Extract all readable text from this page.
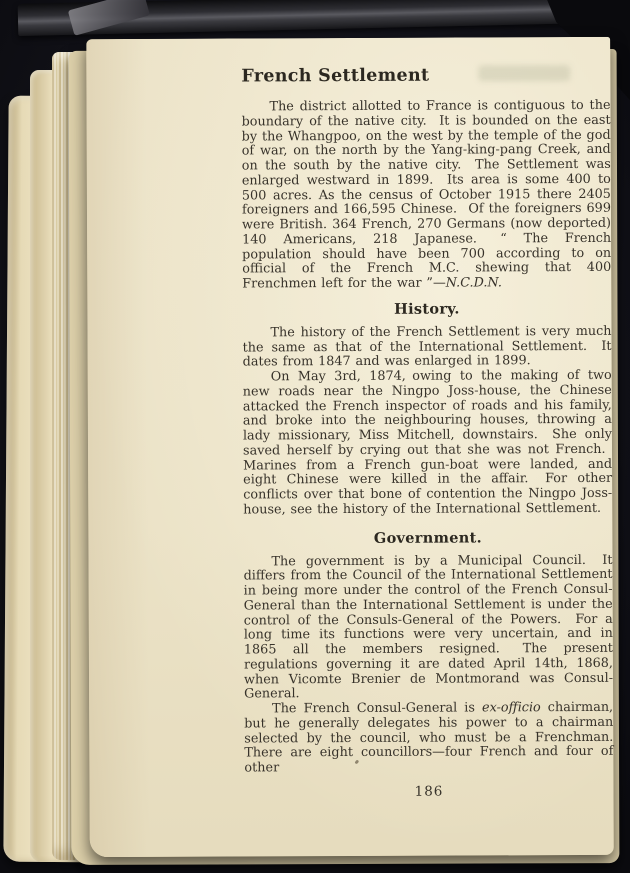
French Settlement

The district allotted to France is contiguous to the boundary of the native city.  It is bounded on the east by the Whangpoo, on the west by the temple of the god of war, on the north by the Yang-king-pang Creek, and on the south by the native city.  The Settlement was enlarged westward in 1899.  Its area is some 400 to 500 acres. As the census of October 1915 there 2405 foreigners and 166,595 Chinese.  Of the foreigners 699 were British. 364 French, 270 Germans (now deported) 140 Americans, 218 Japanese.  “ The French population should have been 700 according to on official of the French M.C. shewing that 400 Frenchmen left for the war ”—N.C.D.N.

History.

The history of the French Settlement is very much the same as that of the International Settlement.  It dates from 1847 and was enlarged in 1899.

On May 3rd, 1874, owing to the making of two new roads near the Ningpo Joss-house, the Chinese attacked the French inspector of roads and his family, and broke into the neighbouring houses, throwing a lady missionary, Miss Mitchell, downstairs.  She only saved herself by crying out that she was not French.  Marines from a French gun-boat were landed, and eight Chinese were killed in the affair.  For other conflicts over that bone of contention the Ningpo Joss-house, see the history of the International Settlement.

Government.

The government is by a Municipal Council.  It differs from the Council of the International Settlement in being more under the control of the French Consul-General than the International Settlement is under the control of the Consuls-General of the Powers.  For a long time its functions were very uncertain, and in 1865 all the members resigned.  The present regulations governing it are dated April 14th, 1868, when Vicomte Brenier de Montmorand was Consul-General.

The French Consul-General is ex-officio chairman, but he generally delegates his power to a chairman selected by the council, who must be a Frenchman. There are eight councillors—four French and four of other

186
